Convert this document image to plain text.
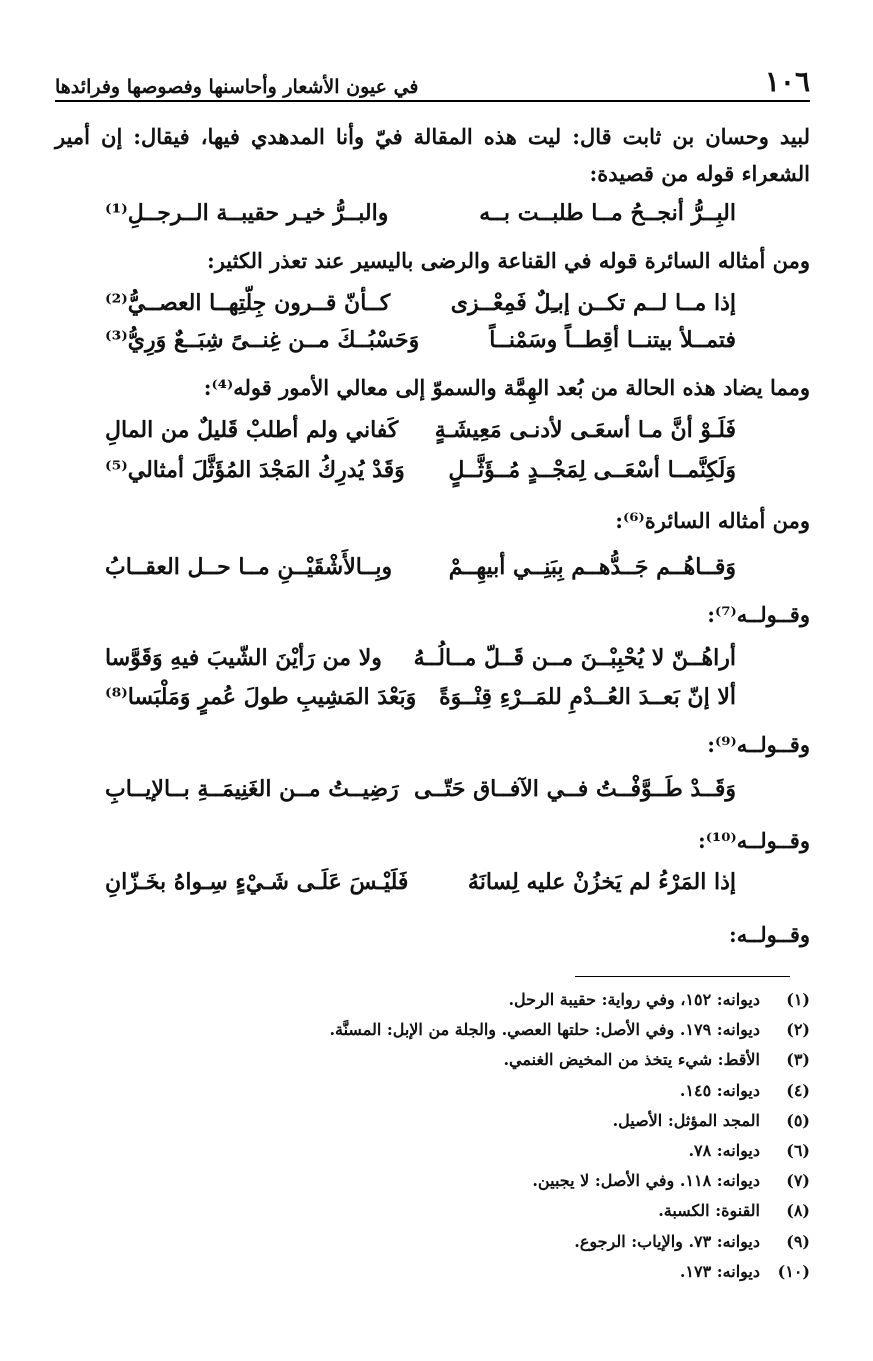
١٠٦
في عيون الأشعار وأحاسنها وفصوصها وفرائدها
لبيد وحسان بن ثابت قال: ليت هذه المقالة فيّ وأنا المدهدي فيها، فيقال: إن أمير الشعراء قوله من قصيدة:
البِــرُّ أنجــحُ مــا طلبــت بــه
والبــرُّ خيـر حقيبــة الــرجــلِ⁽¹⁾
ومن أمثاله السائرة قوله في القناعة والرضى باليسير عند تعذر الكثير:
إذا مــا لــم تكــن إبـِلٌ فَمِعْــزى
كــأنّ قــرون جِلّتِهــا العصــيُّ⁽²⁾
فتمــلأ بيتنــا أقِطــاً وسَمْنــاً
وَحَسْبُــكَ مــن غِنــىً شِبَــعٌ وَرِيُّ⁽³⁾
ومما يضاد هذه الحالة من بُعد الهِمَّة والسموّ إلى معالي الأمور قوله⁽⁴⁾:
فَلَـوْ أنَّ مـا أسعَـى لأدنـى مَعِيشَـةٍ
كَفاني ولم أطلبْ قَليلٌ من المالِ
وَلَكِنَّمــا أسْعَــى لِمَجْــدٍ مُــؤَثَّــلٍ
وَقَدْ يُدرِكُ المَجْدَ المُؤَثَّلَ أمثالي⁽⁵⁾
ومن أمثاله السائرة⁽⁶⁾:
وَقــاهُــم جَــدُّهــم بِبَنِــي أبيهِــمْ
وبِــالأَشْقَيْــنِ مــا حــل العقــابُ
وقــولــه⁽⁷⁾:
أراهُــنّ لا يُحْبِبْــنَ مــن قَــلّ مــالُــهُ
ولا من رَأيْنَ الشّيبَ فيهِ وَقَوَّسا
ألا إنّ بَعــدَ العُــدْمِ للمَــرْءِ قِنْــوَةً
وَبَعْدَ المَشِيبِ طولَ عُمرٍ وَمَلْبَسا⁽⁸⁾
وقــولــه⁽⁹⁾:
وَقَــدْ طَــوَّفْــتُ فــي الآفــاق حَتّــى
رَضِيــتُ مــن الغَنِيمَــةِ بــالإيــابِ
وقــولــه⁽¹⁰⁾:
إذا المَرْءُ لم يَخزُنْ عليه لِسانَهُ
فَلَيْـسَ عَلَـى شَـيْءٍ سِـواهُ بخَـزّانِ
وقــولــه:
(١)
ديوانه: ١٥٢، وفي رواية: حقيبة الرحل.
(٢)
ديوانه: ١٧٩. وفي الأصل: حلتها العصي. والجلة من الإبل: المسنَّة.
(٣)
الأقط: شيء يتخذ من المخيض الغنمي.
(٤)
ديوانه: ١٤٥.
(٥)
المجد المؤثل: الأصيل.
(٦)
ديوانه: ٧٨.
(٧)
ديوانه: ١١٨. وفي الأصل: لا يجبين.
(٨)
القنوة: الكسبة.
(٩)
ديوانه: ٧٣. والإياب: الرجوع.
(١٠)
ديوانه: ١٧٣.
